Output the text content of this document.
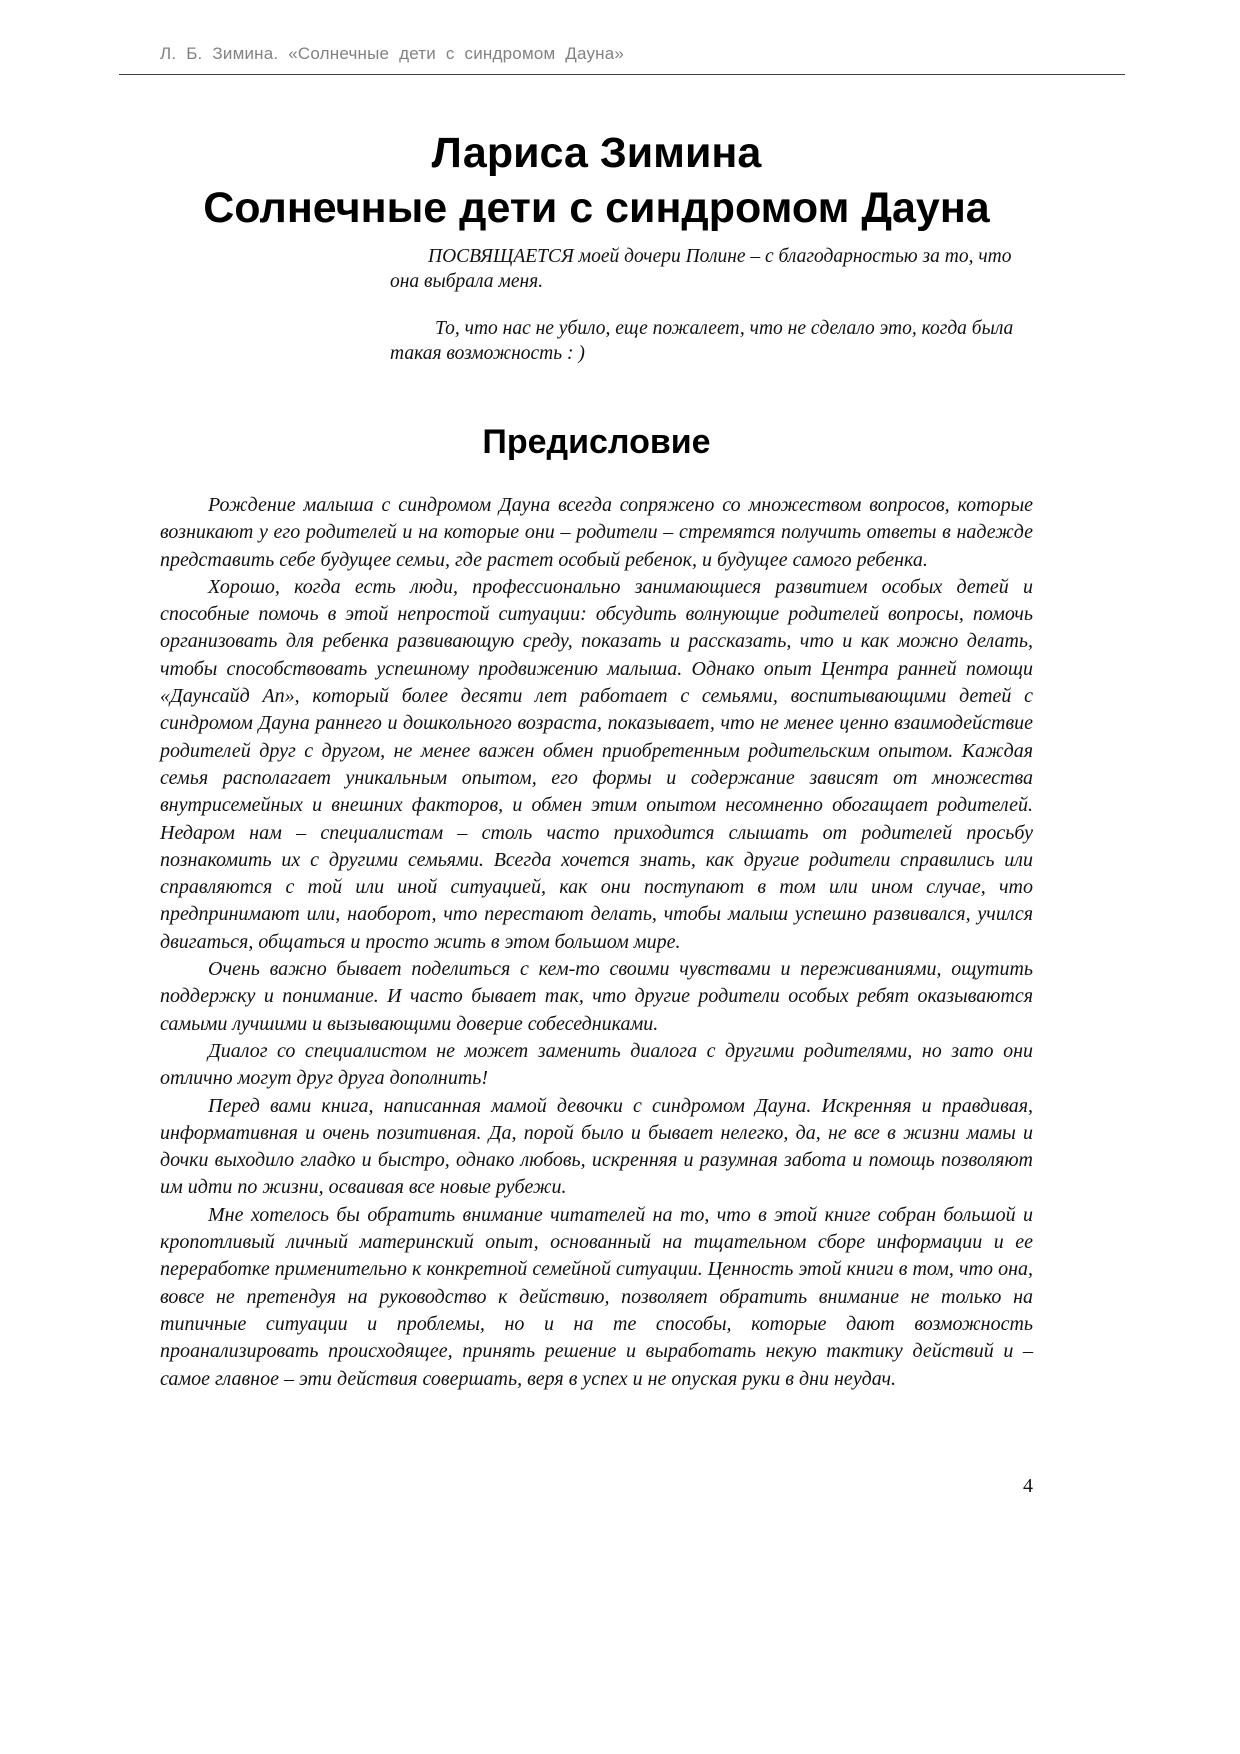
Л. Б. Зимина. «Солнечные дети с синдромом Дауна»
Лариса Зимина
Солнечные дети с синдромом Дауна

ПОСВЯЩАЕТСЯ моей дочери Полине – с благодарностью за то, что она выбрала меня.

То, что нас не убило, еще пожалеет, что не сделало это, когда была такая возможность : )

Предисловие

Рождение малыша с синдромом Дауна всегда сопряжено со множеством вопросов, которые возникают у его родителей и на которые они – родители – стремятся получить ответы в надежде представить себе будущее семьи, где растет особый ребенок, и будущее самого ребенка.

Хорошо, когда есть люди, профессионально занимающиеся развитием особых детей и способные помочь в этой непростой ситуации: обсудить волнующие родителей вопросы, помочь организовать для ребенка развивающую среду, показать и рассказать, что и как можно делать, чтобы способствовать успешному продвижению малыша. Однако опыт Центра ранней помощи «Даунсайд Ап», который более десяти лет работает с семьями, воспитывающими детей с синдромом Дауна раннего и дошкольного возраста, показывает, что не менее ценно взаимодействие родителей друг с другом, не менее важен обмен приобретенным родительским опытом. Каждая семья располагает уникальным опытом, его формы и содержание зависят от множества внутрисемейных и внешних факторов, и обмен этим опытом несомненно обогащает родителей. Недаром нам – специалистам – столь часто приходится слышать от родителей просьбу познакомить их с другими семьями. Всегда хочется знать, как другие родители справились или справляются с той или иной ситуацией, как они поступают в том или ином случае, что предпринимают или, наоборот, что перестают делать, чтобы малыш успешно развивался, учился двигаться, общаться и просто жить в этом большом мире.

Очень важно бывает поделиться с кем-то своими чувствами и переживаниями, ощутить поддержку и понимание. И часто бывает так, что другие родители особых ребят оказываются самыми лучшими и вызывающими доверие собеседниками.

Диалог со специалистом не может заменить диалога с другими родителями, но зато они отлично могут друг друга дополнить!

Перед вами книга, написанная мамой девочки с синдромом Дауна. Искренняя и правдивая, информативная и очень позитивная. Да, порой было и бывает нелегко, да, не все в жизни мамы и дочки выходило гладко и быстро, однако любовь, искренняя и разумная забота и помощь позволяют им идти по жизни, осваивая все новые рубежи.

Мне хотелось бы обратить внимание читателей на то, что в этой книге собран большой и кропотливый личный материнский опыт, основанный на тщательном сборе информации и ее переработке применительно к конкретной семейной ситуации. Ценность этой книги в том, что она, вовсе не претендуя на руководство к действию, позволяет обратить внимание не только на типичные ситуации и проблемы, но и на те способы, которые дают возможность проанализировать происходящее, принять решение и выработать некую тактику действий и – самое главное – эти действия совершать, веря в успех и не опуская руки в дни неудач.

4
